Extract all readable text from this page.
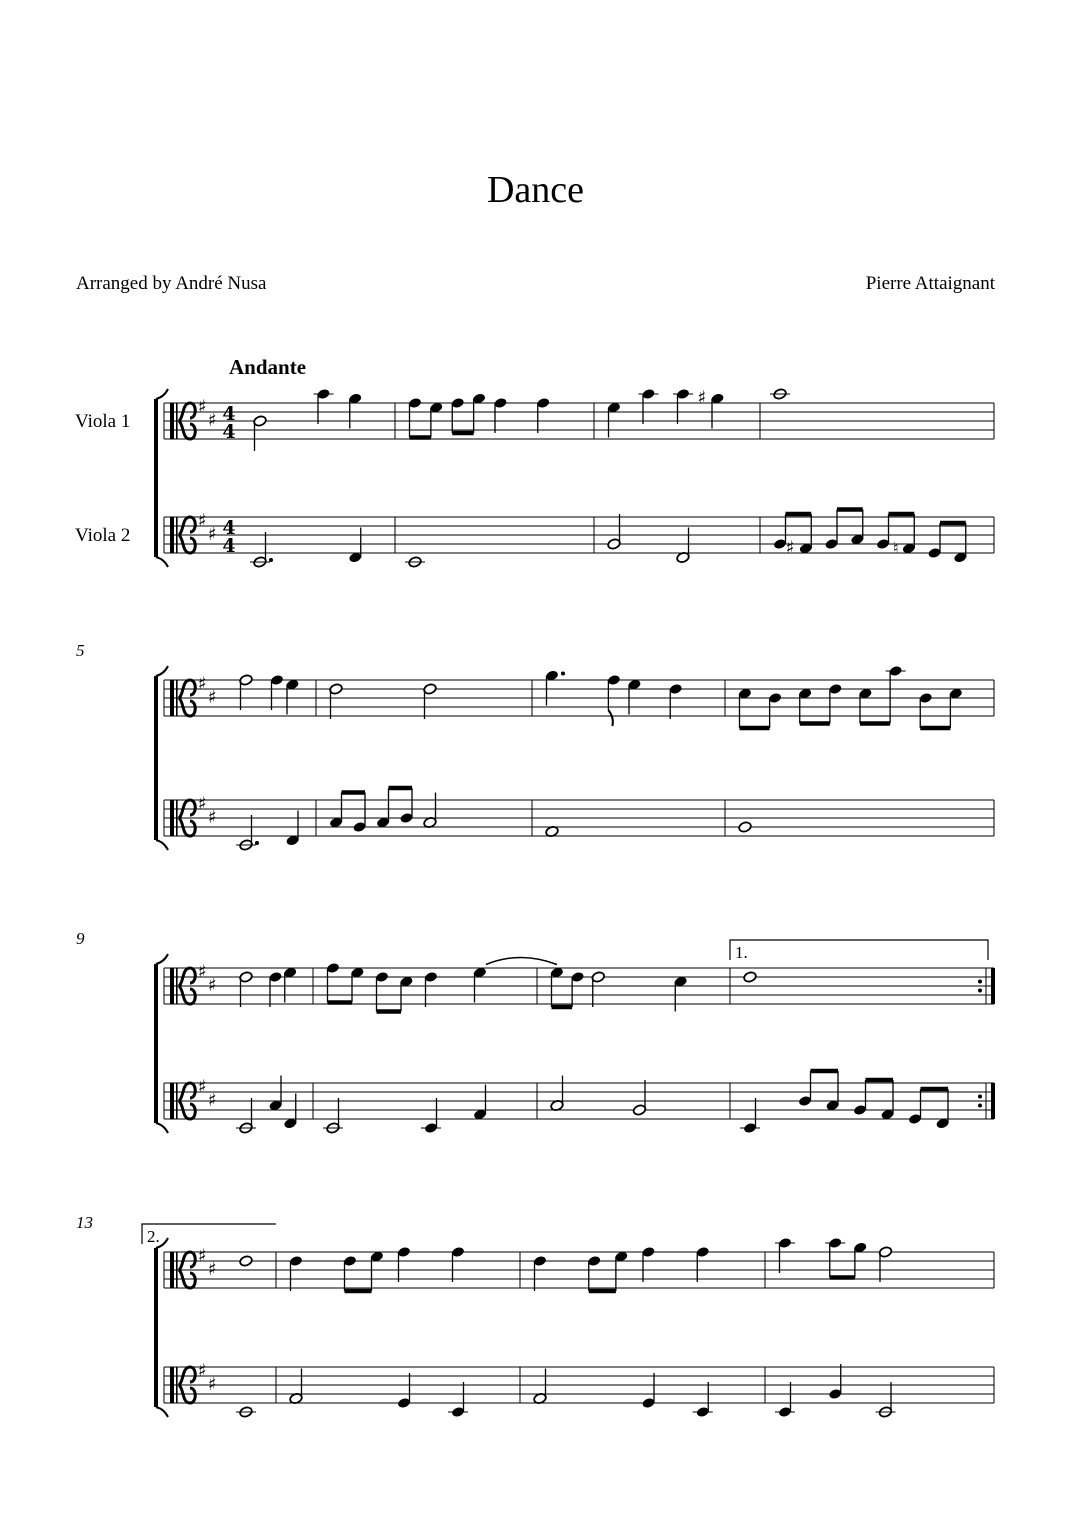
Dance
Arranged by André Nusa	Pierre Attaignant
♯
♯
♯
♯
4
4
4
4
Viola 1
Viola 2
Andante
♯
♯	♮
♯
♯
♯
♯
5
♯
♯
♯
♯
9
1.
♯
♯
♯
♯
13
2.
